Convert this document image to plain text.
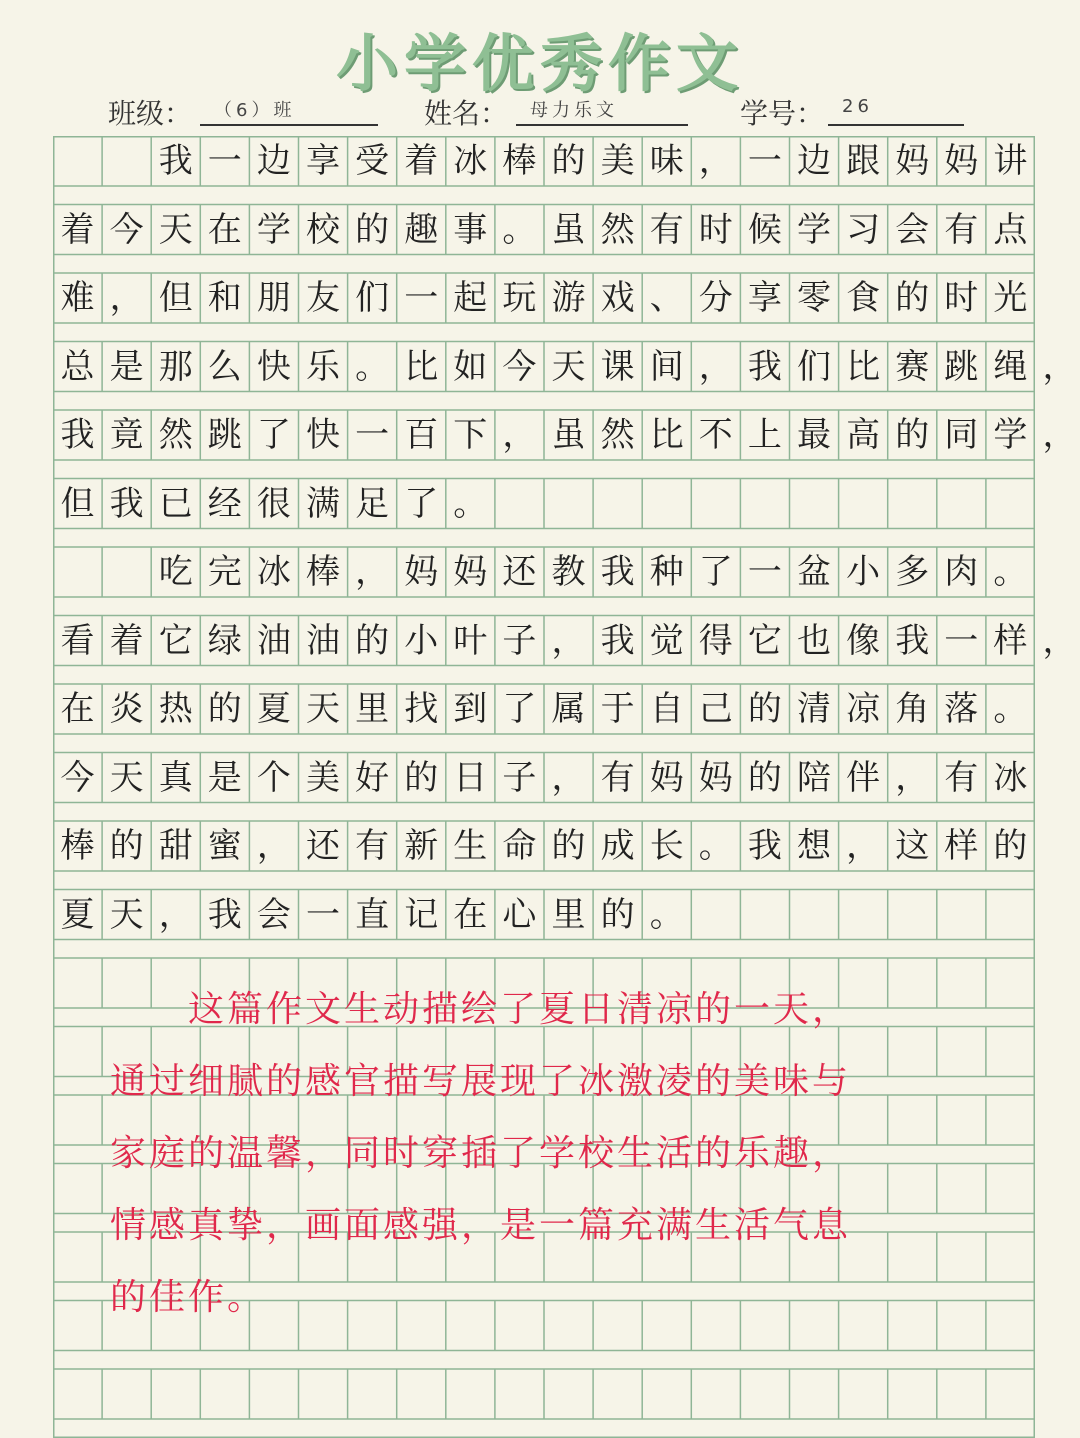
小学优秀作文
班级：	（6）班	姓名：	母力乐文	学号： 26

我 一 边 享 受 着 冰 棒 的 美 味 ， 一 边 跟 妈 妈 讲
着 今 天 在 学 校 的 趣 事 。 虽 然 有 时 候 学 习 会 有 点
难 ， 但 和 朋 友 们 一 起 玩 游 戏 、 分 享 零 食 的 时 光
总 是 那 么 快 乐 。 比 如 今 天 课 间 ， 我 们 比 赛 跳 绳 ，
我 竟 然 跳 了 快 一 百 下 ， 虽 然 比 不 上 最 高 的 同 学 ，
但 我 已 经 很 满 足 了 。

吃 完 冰 棒 ， 妈 妈 还 教 我 种 了 一 盆 小 多 肉 。
看 着 它 绿 油 油 的 小 叶 子 ， 我 觉 得 它 也 像 我 一 样 ，
在 炎 热 的 夏 天 里 找 到 了 属 于 自 己 的 清 凉 角 落 。
今 天 真 是 个 美 好 的 日 子 ， 有 妈 妈 的 陪 伴 ， 有 冰
棒 的 甜 蜜 ， 还 有 新 生 命 的 成 长 。 我 想 ， 这 样 的
夏 天 ， 我 会 一 直 记 在 心 里 的 。
　　这篇作文生动描绘了夏日清凉的一天，
通过细腻的感官描写展现了冰激凌的美味与
家庭的温馨，同时穿插了学校生活的乐趣，
情感真挚，画面感强，是一篇充满生活气息
的佳作。
